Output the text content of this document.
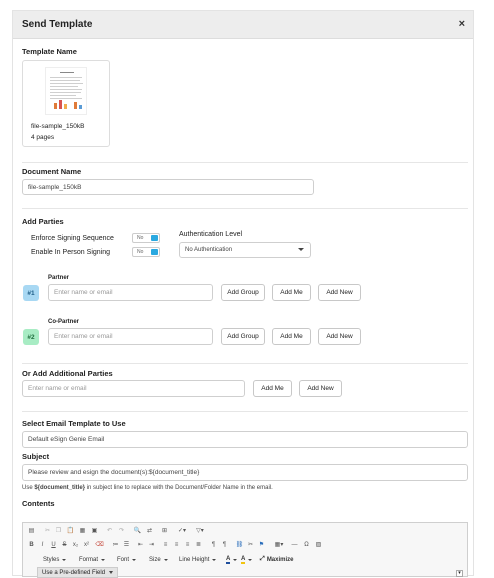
Send Template	×
Template Name
file-sample_150kB
4 pages
Document Name
file-sample_150kB
Add Parties
Enforce Signing Sequence	No
Enable In Person Signing	No
Authentication Level
No Authentication
Partner
#1	Enter name or email	Add Group	Add Me	Add New
Co-Partner
#2	Enter name or email	Add Group	Add Me	Add New
Or Add Additional Parties
Enter name or email	Add Me	Add New
Select Email Template to Use
Default eSign Genie Email
Subject
Please review and esign the document(s):${document_title}
Use ${document_title} in subject line to replace with the Document/Folder Name in the email.
Contents
▤	✂ ❐ 📋 ▦ ▣	↶	↷	🔍 ⇄	⊞	✓▾	▽▾
B	I	U	S	x₂ x²	⌫ ≔ ☰	⇤ ⇥	≡	≡	≡	≣	¶	¶	⛓ ✂ ⚑	▦▾	―	Ω	▨
Styles	Format	Font	Size	Line Height	A A ⤢ Maximize
Use a Pre-defined Field	▾
